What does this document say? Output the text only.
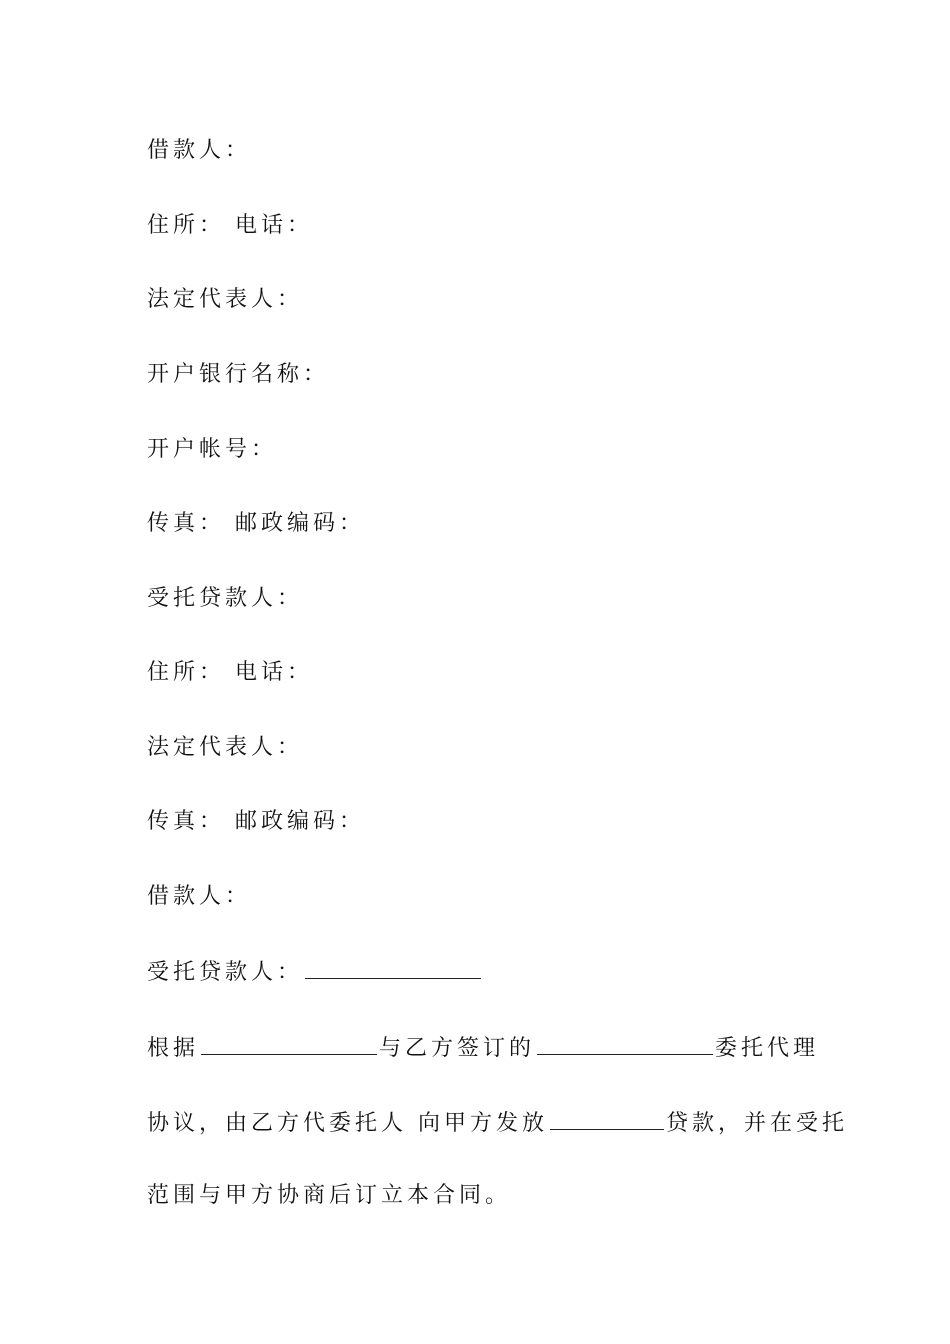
借款人：
住所： 电话：
法定代表人：
开户银行名称：
开户帐号：
传真： 邮政编码：
受托贷款人：
住所： 电话：
法定代表人：
传真： 邮政编码：
借款人：
受托贷款人：
根据	与乙方签订的	委托代理
协议，由乙方代委托人 向甲方发放	贷款，并在受托
范围与甲方协商后订立本合同。
